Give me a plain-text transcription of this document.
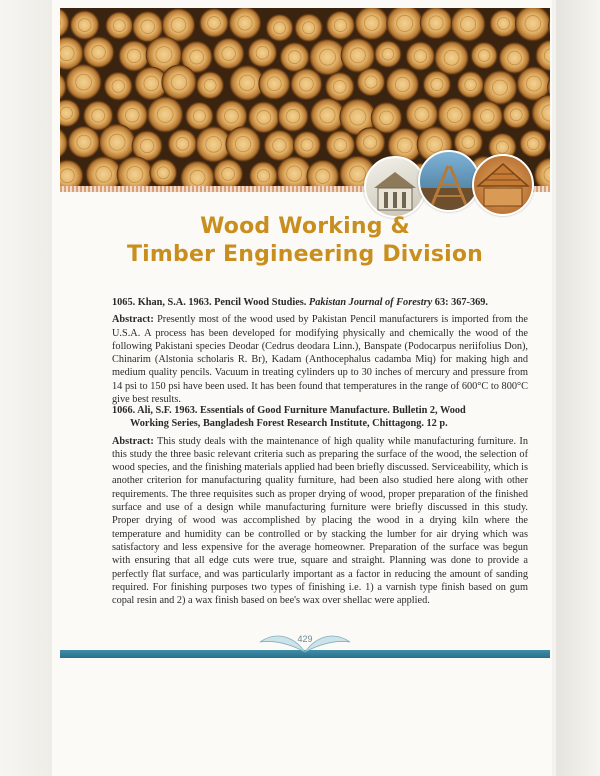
Wood Working &
Timber Engineering Division
1065. Khan, S.A. 1963. Pencil Wood Studies. Pakistan Journal of Forestry 63: 367-369.
Abstract: Presently most of the wood used by Pakistan Pencil manufacturers is imported from the U.S.A. A process has been developed for modifying physically and chemically the wood of the following Pakistani species Deodar (Cedrus deodara Linn.), Banspate (Podocarpus neriifolius Don), Chinarim (Alstonia scholaris R. Br), Kadam (Anthocephalus cadamba Miq) for making high and medium quality pencils. Vacuum in treating cylinders up to 30 inches of mercury and pressure from 14 psi to 150 psi have been used. It has been found that temperatures in the range of 600°C to 800°C give best results.
1066. Ali, S.F. 1963. Essentials of Good Furniture Manufacture. Bulletin 2, Wood
Working Series, Bangladesh Forest Research Institute, Chittagong. 12 p.
Abstract: This study deals with the maintenance of high quality while manufacturing furniture. In this study the three basic relevant criteria such as preparing the surface of the wood, the selection of wood species, and the finishing materials applied had been briefly discussed. Serviceability, which is another criterion for manufacturing quality furniture, had been also studied here along with other requirements. The three requisites such as proper drying of wood, proper preparation of the finished surface and use of a design while manufacturing furniture were briefly discussed in this study. Proper drying of wood was accomplished by placing the wood in a drying kiln where the temperature and humidity can be controlled or by stacking the lumber for air drying which was satisfactory and less expensive for the average homeowner. Preparation of the surface was begun with ensuring that all edge cuts were true, square and straight. Planning was done to provide a perfectly flat surface, and was particularly important as a factor in reducing the amount of sanding required. For finishing purposes two types of finishing i.e. 1) a varnish type finish based on gum copal resin and 2) a wax finish based on bee's wax over shellac were applied.
429
